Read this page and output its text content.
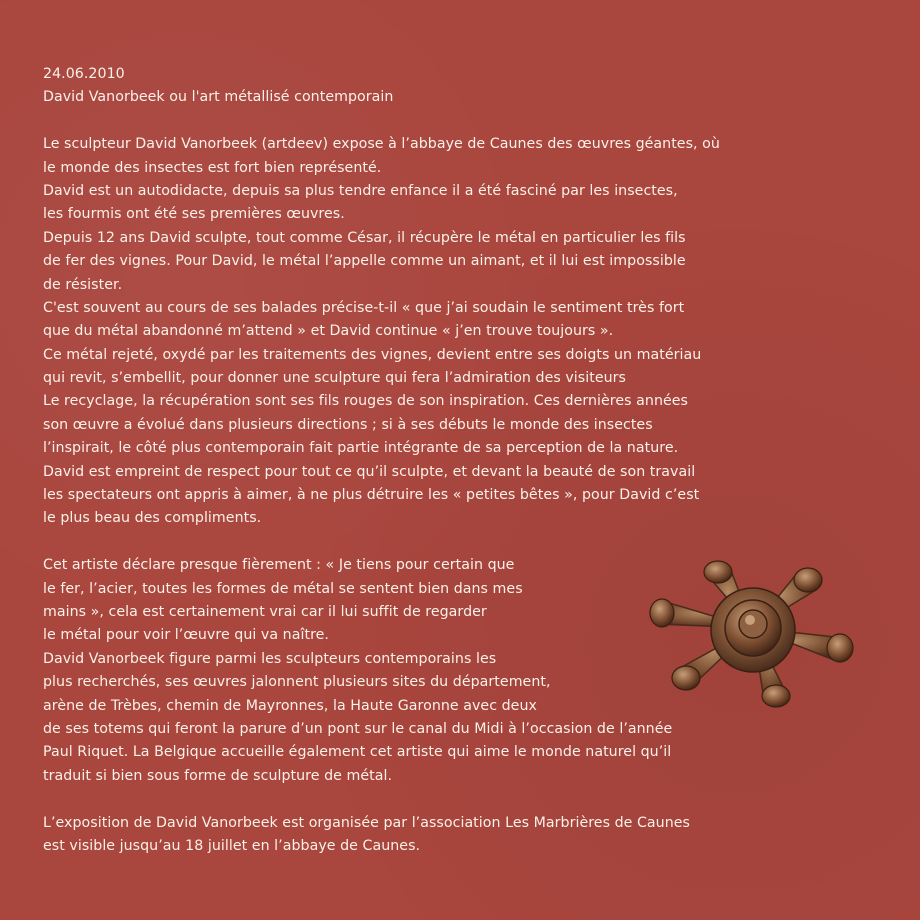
24.06.2010
David Vanorbeek ou l'art métallisé contemporain
Le sculpteur David Vanorbeek (artdeev) expose à l’abbaye de Caunes des œuvres géantes, où
le monde des insectes est fort bien représenté.
David est un autodidacte, depuis sa plus tendre enfance il a été fasciné par les insectes,
les fourmis ont été ses premières œuvres.
Depuis 12 ans David sculpte, tout comme César, il récupère le métal en particulier les fils
de fer des vignes. Pour David, le métal l’appelle comme un aimant, et il lui est impossible
de résister.
C'est souvent au cours de ses balades précise-t-il « que j’ai soudain le sentiment très fort
que du métal abandonné m’attend » et David continue « j’en trouve toujours ».
Ce métal rejeté, oxydé par les traitements des vignes, devient entre ses doigts un matériau
qui revit, s’embellit, pour donner une sculpture qui fera l’admiration des visiteurs
Le recyclage, la récupération sont ses fils rouges de son inspiration. Ces dernières années
son œuvre a évolué dans plusieurs directions ; si à ses débuts le monde des insectes
l’inspirait, le côté plus contemporain fait partie intégrante de sa perception de la nature.
David est empreint de respect pour tout ce qu’il sculpte, et devant la beauté de son travail
les spectateurs ont appris à aimer, à ne plus détruire les « petites bêtes », pour David c’est
le plus beau des compliments.
Cet artiste déclare presque fièrement : « Je tiens pour certain que
le fer, l’acier, toutes les formes de métal se sentent bien dans mes
mains », cela est certainement vrai car il lui suffit de regarder
le métal pour voir l’œuvre qui va naître.
David Vanorbeek figure parmi les sculpteurs contemporains les
plus recherchés, ses œuvres jalonnent plusieurs sites du département,
arène de Trèbes, chemin de Mayronnes, la Haute Garonne avec deux
de ses totems qui feront la parure d’un pont sur le canal du Midi à l’occasion de l’année
Paul Riquet. La Belgique accueille également cet artiste qui aime le monde naturel qu’il
traduit si bien sous forme de sculpture de métal.
L’exposition de David Vanorbeek est organisée par l’association Les Marbrières de Caunes
est visible jusqu’au 18 juillet en l’abbaye de Caunes.
